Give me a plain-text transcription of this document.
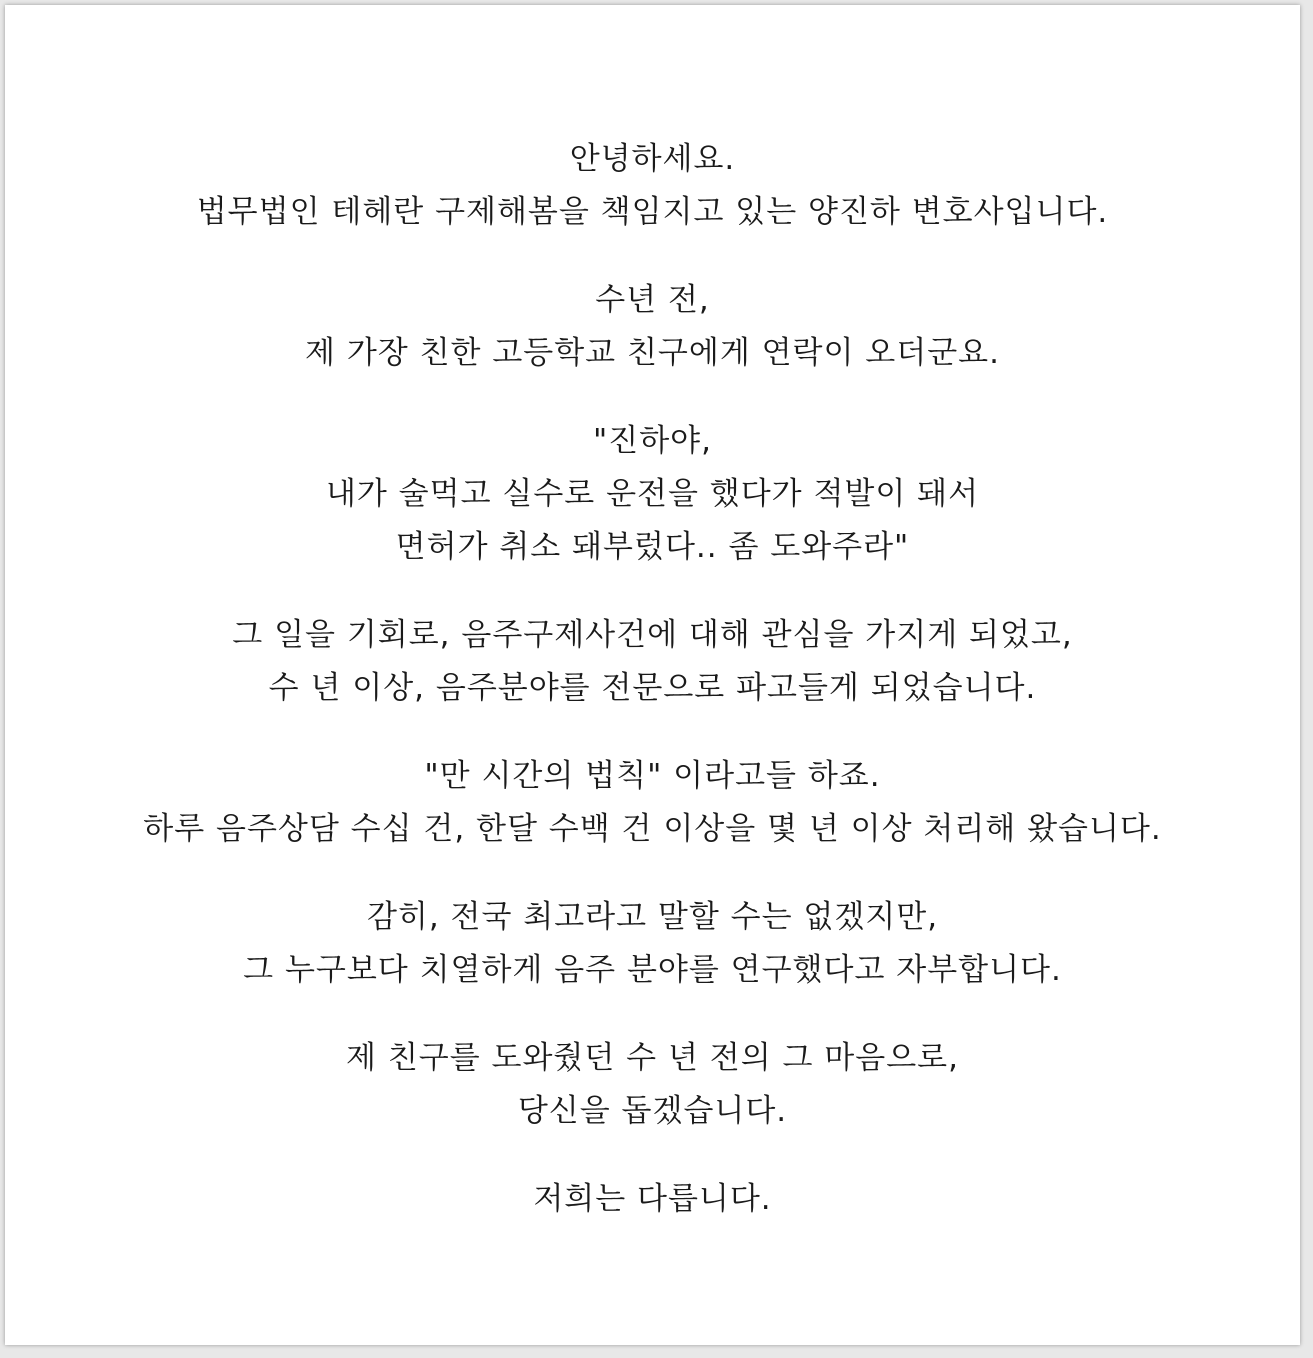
안녕하세요.
법무법인 테헤란 구제해봄을 책임지고 있는 양진하 변호사입니다.
수년 전,
제 가장 친한 고등학교 친구에게 연락이 오더군요.
"진하야,
내가 술먹고 실수로 운전을 했다가 적발이 돼서
면허가 취소 돼부렀다.. 좀 도와주라"
그 일을 기회로, 음주구제사건에 대해 관심을 가지게 되었고,
수 년 이상, 음주분야를 전문으로 파고들게 되었습니다.
"만 시간의 법칙" 이라고들 하죠.
하루 음주상담 수십 건, 한달 수백 건 이상을 몇 년 이상 처리해 왔습니다.
감히, 전국 최고라고 말할 수는 없겠지만,
그 누구보다 치열하게 음주 분야를 연구했다고 자부합니다.
제 친구를 도와줬던 수 년 전의 그 마음으로,
당신을 돕겠습니다.
저희는 다릅니다.
